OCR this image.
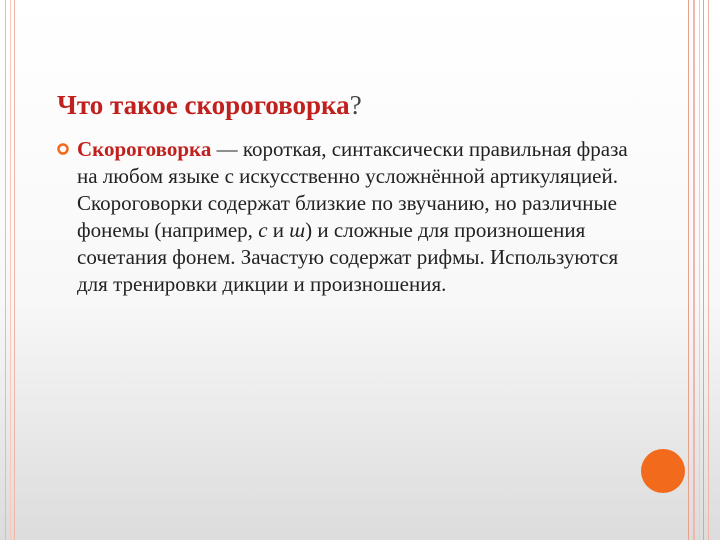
Что такое скороговорка?
Скороговорка — короткая, синтаксически правильная фраза на любом языке с искусственно усложнённой артикуляцией. Скороговорки содержат близкие по звучанию, но различные фонемы (например, с и ш) и сложные для произношения сочетания фонем. Зачастую содержат рифмы. Используются для тренировки дикции и произношения.
